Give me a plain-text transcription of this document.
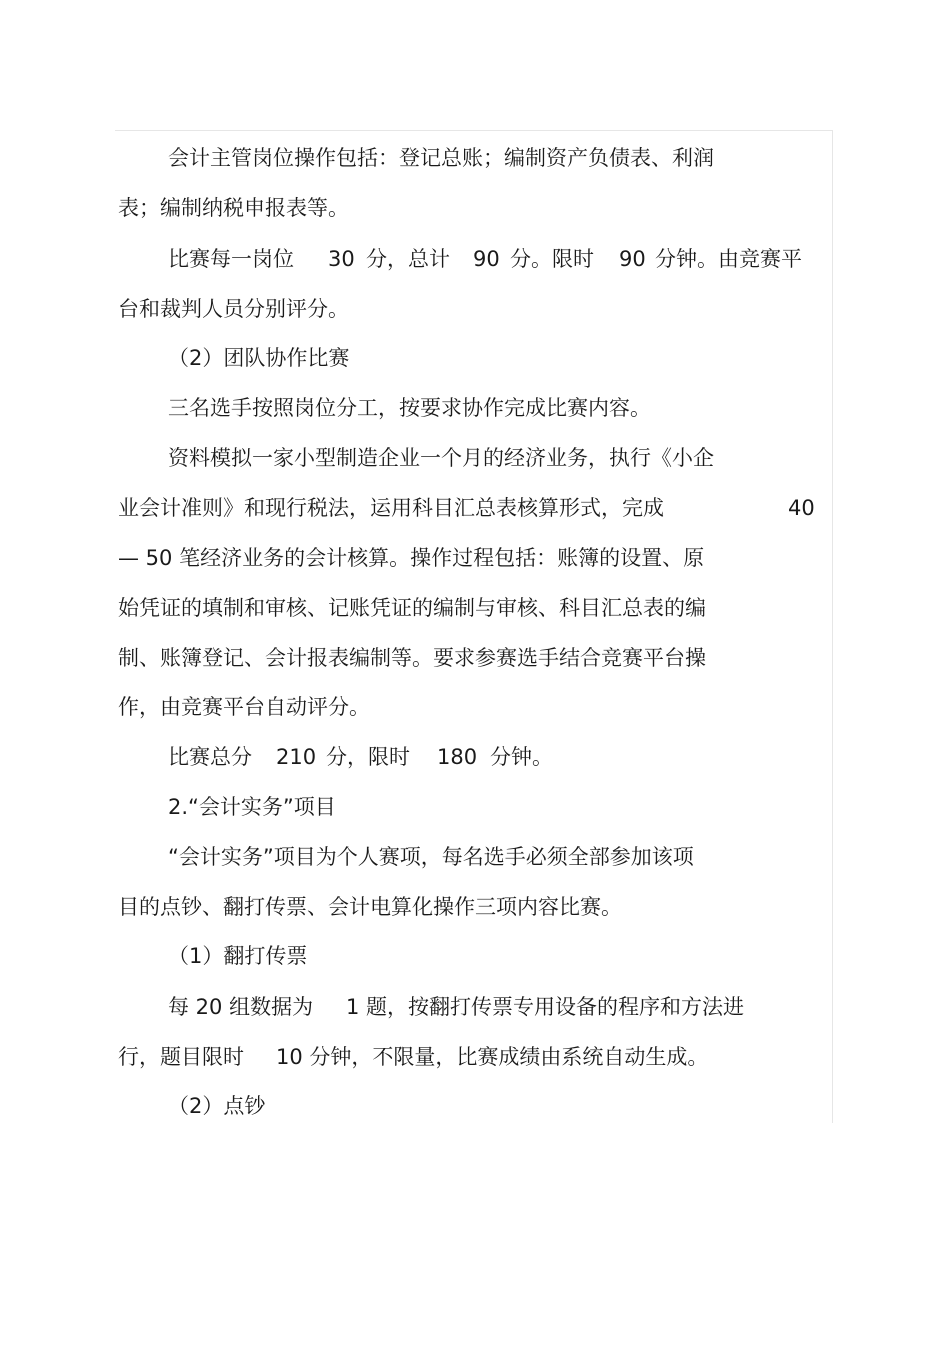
会计主管岗位操作包括：登记总账；编制资产负债表、利润
表；编制纳税申报表等。
比赛每一岗位 30 分，总计 90 分。限时 90 分钟。由竞赛平
台和裁判人员分别评分。
（2）团队协作比赛
三名选手按照岗位分工，按要求协作完成比赛内容。
资料模拟一家小型制造企业一个月的经济业务，执行《小企
业会计准则》和现行税法，运用科目汇总表核算形式，完成	40
— 50 笔经济业务的会计核算。操作过程包括：账簿的设置、原
始凭证的填制和审核、记账凭证的编制与审核、科目汇总表的编
制、账簿登记、会计报表编制等。要求参赛选手结合竞赛平台操
作，由竞赛平台自动评分。
比赛总分 210 分，限时 180 分钟。
2.“会计实务”项目
“会计实务”项目为个人赛项，每名选手必须全部参加该项
目的点钞、翻打传票、会计电算化操作三项内容比赛。
（1）翻打传票
每 20 组数据为 1 题，按翻打传票专用设备的程序和方法进
行，题目限时 10 分钟，不限量，比赛成绩由系统自动生成。
（2）点钞
